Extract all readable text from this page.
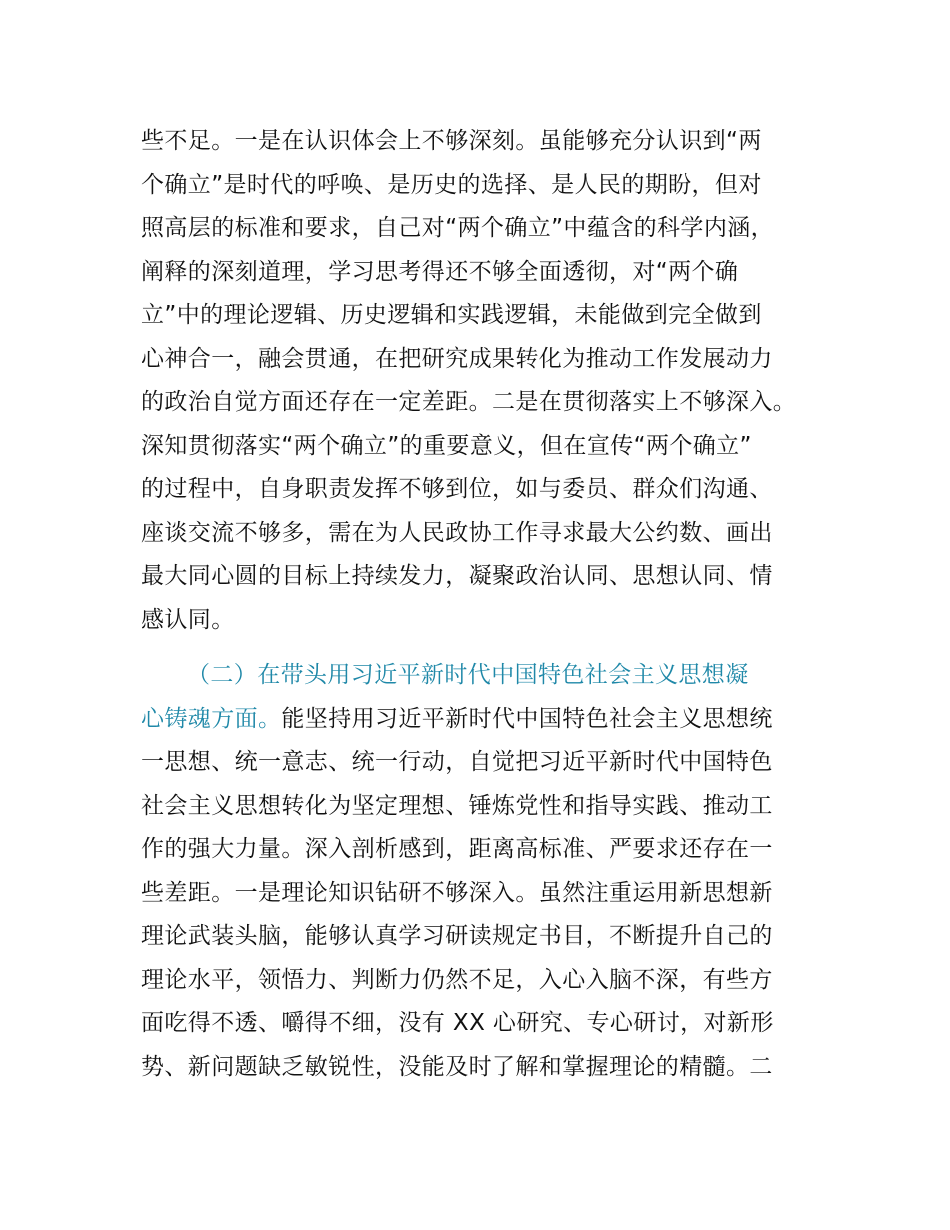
些不足。一是在认识体会上不够深刻。虽能够充分认识到“两
个确立”是时代的呼唤、是历史的选择、是人民的期盼，但对
照高层的标准和要求，自己对“两个确立”中蕴含的科学内涵，
阐释的深刻道理，学习思考得还不够全面透彻，对“两个确
立”中的理论逻辑、历史逻辑和实践逻辑，未能做到完全做到
心神合一，融会贯通，在把研究成果转化为推动工作发展动力
的政治自觉方面还存在一定差距。二是在贯彻落实上不够深入。
深知贯彻落实“两个确立”的重要意义，但在宣传“两个确立”
的过程中，自身职责发挥不够到位，如与委员、群众们沟通、
座谈交流不够多，需在为人民政协工作寻求最大公约数、画出
最大同心圆的目标上持续发力，凝聚政治认同、思想认同、情
感认同。
（二）在带头用习近平新时代中国特色社会主义思想凝
心铸魂方面。能坚持用习近平新时代中国特色社会主义思想统
一思想、统一意志、统一行动，自觉把习近平新时代中国特色
社会主义思想转化为坚定理想、锤炼党性和指导实践、推动工
作的强大力量。深入剖析感到，距离高标准、严要求还存在一
些差距。一是理论知识钻研不够深入。虽然注重运用新思想新
理论武装头脑，能够认真学习研读规定书目，不断提升自己的
理论水平，领悟力、判断力仍然不足，入心入脑不深，有些方
面吃得不透、嚼得不细，没有 XX 心研究、专心研讨，对新形
势、新问题缺乏敏锐性，没能及时了解和掌握理论的精髓。二
